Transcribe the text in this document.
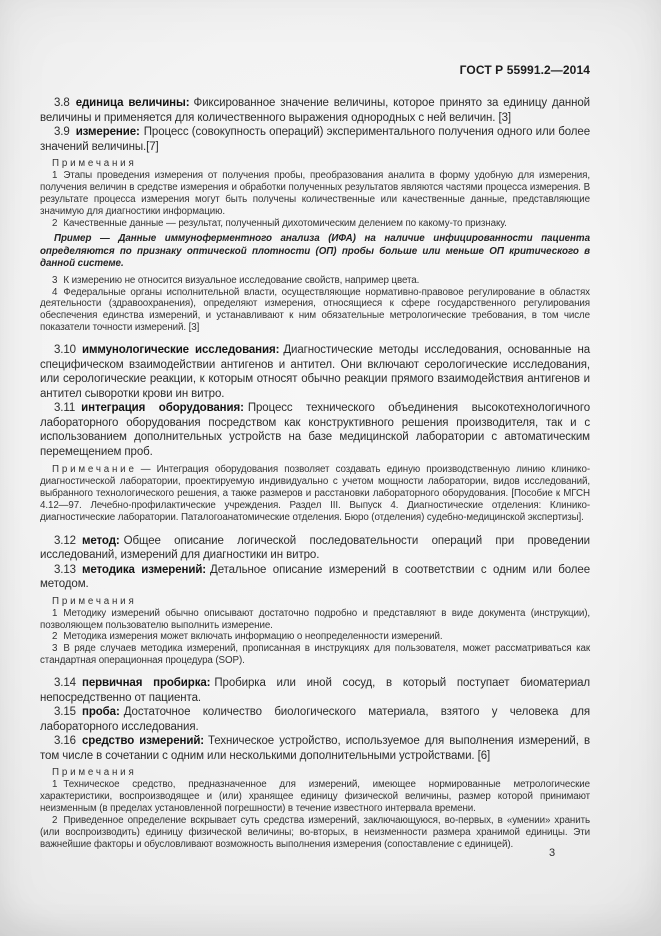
ГОСТ Р 55991.2—2014

3.8 единица величины: Фиксированное значение величины, которое принято за единицу данной величины и применяется для количественного выражения однородных с ней величин. [3]

3.9 измерение: Процесс (совокупность операций) экспериментального получения одного или более значений величины.[7]

Примечания

1 Этапы проведения измерения от получения пробы, преобразования аналита в форму удобную для измерения, получения величин в средстве измерения и обработки полученных результатов являются частями процесса измерения. В результате процесса измерения могут быть получены количественные или качественные данные, представляющие значимую для диагностики информацию.

2 Качественные данные — результат, полученный дихотомическим делением по какому-то признаку.

Пример — Данные иммуноферментного анализа (ИФА) на наличие инфицированности пациента определяются по признаку оптической плотности (ОП) пробы больше или меньше ОП критического в данной системе.

3 К измерению не относится визуальное исследование свойств, например цвета.

4 Федеральные органы исполнительной власти, осуществляющие нормативно-правовое регулирование в областях деятельности (здравоохранения), определяют измерения, относящиеся к сфере государственного регулирования обеспечения единства измерений, и устанавливают к ним обязательные метрологические требования, в том числе показатели точности измерений. [3]

3.10 иммунологические исследования: Диагностические методы исследования, основанные на специфическом взаимодействии антигенов и антител. Они включают серологические исследования, или серологические реакции, к которым относят обычно реакции прямого взаимодействия антигенов и антител сыворотки крови ин витро.

3.11 интеграция оборудования: Процесс технического объединения высокотехнологичного лабораторного оборудования посредством как конструктивного решения производителя, так и с использованием дополнительных устройств на базе медицинской лаборатории с автоматическим перемещением проб.

Примечание — Интеграция оборудования позволяет создавать единую производственную линию клинико-диагностической лаборатории, проектируемую индивидуально с учетом мощности лаборатории, видов исследований, выбранного технологического решения, а также размеров и расстановки лабораторного оборудования. [Пособие к МГСН 4.12—97. Лечебно-профилактические учреждения. Раздел III. Выпуск 4. Диагностические отделения: Клинико-диагностические лаборатории. Паталогоанатомические отделения. Бюро (отделения) судебно-медицинской экспертизы].

3.12 метод: Общее описание логической последовательности операций при проведении исследований, измерений для диагностики ин витро.

3.13 методика измерений: Детальное описание измерений в соответствии с одним или более методом.

Примечания

1 Методику измерений обычно описывают достаточно подробно и представляют в виде документа (инструкции), позволяющем пользователю выполнить измерение.

2 Методика измерения может включать информацию о неопределенности измерений.

3 В ряде случаев методика измерений, прописанная в инструкциях для пользователя, может рассматриваться как стандартная операционная процедура (SOP).

3.14 первичная пробирка: Пробирка или иной сосуд, в который поступает биоматериал непосредственно от пациента.

3.15 проба: Достаточное количество биологического материала, взятого у человека для лабораторного исследования.

3.16 средство измерений: Техническое устройство, используемое для выполнения измерений, в том числе в сочетании с одним или несколькими дополнительными устройствами. [6]

Примечания

1 Техническое средство, предназначенное для измерений, имеющее нормированные метрологические характеристики, воспроизводящее и (или) хранящее единицу физической величины, размер которой принимают неизменным (в пределах установленной погрешности) в течение известного интервала времени.

2 Приведенное определение вскрывает суть средства измерений, заключающуюся, во-первых, в «умении» хранить (или воспроизводить) единицу физической величины; во-вторых, в неизменности размера хранимой единицы. Эти важнейшие факторы и обусловливают возможность выполнения измерения (сопоставление с единицей).

3
